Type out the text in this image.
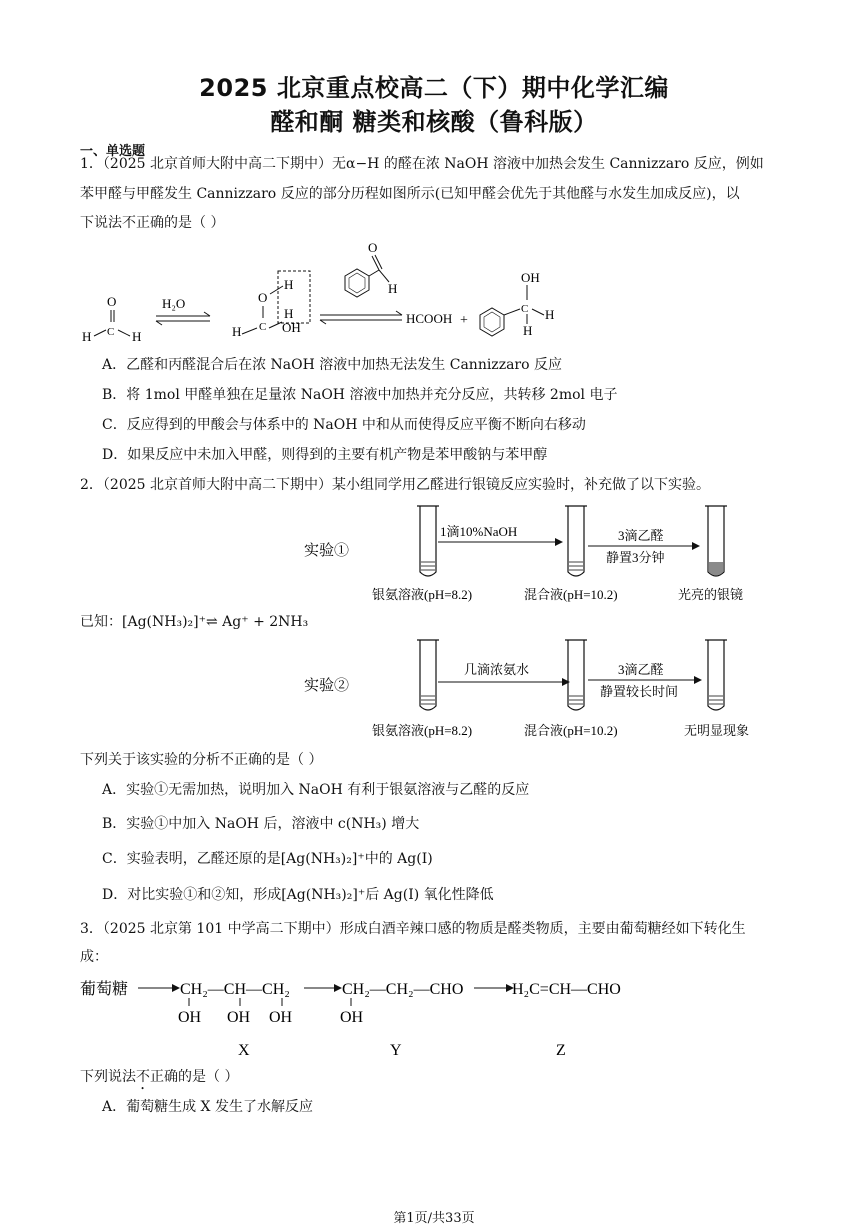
2025 北京重点校高二（下）期中化学汇编
醛和酮 糖类和核酸（鲁科版）
一、单选题
1．（2025 北京首师大附中高二下期中）无α−H 的醛在浓 NaOH 溶液中加热会发生 Cannizzaro 反应，例如
苯甲醛与甲醛发生 Cannizzaro 反应的部分历程如图所示(已知甲醛会优先于其他醛与水发生加成反应)，以
下说法不正确的是（ ）
O
C
H	H
H₂O	O
H
C
H
H
OH
O
H
HCOOH +
C
OH
H
H
A．乙醛和丙醛混合后在浓 NaOH 溶液中加热无法发生 Cannizzaro 反应
B．将 1mol 甲醛单独在足量浓 NaOH 溶液中加热并充分反应，共转移 2mol 电子
C．反应得到的甲酸会与体系中的 NaOH 中和从而使得反应平衡不断向右移动
D．如果反应中未加入甲醛，则得到的主要有机产物是苯甲酸钠与苯甲醇
2．（2025 北京首师大附中高二下期中）某小组同学用乙醛进行银镜反应实验时，补充做了以下实验。
实验①
1滴10%NaOH	3滴乙醛
静置3分钟
银氨溶液(pH=8.2)	混合液(pH=10.2)	光亮的银镜
已知：[Ag(NH₃)₂]⁺⇌ Ag⁺ + 2NH₃
实验②
几滴浓氨水	3滴乙醛
静置较长时间
银氨溶液(pH=8.2)	混合液(pH=10.2)	无明显现象
下列关于该实验的分析不正确的是（ ）
A．实验①无需加热，说明加入 NaOH 有利于银氨溶液与乙醛的反应
B．实验①中加入 NaOH 后，溶液中 c(NH₃) 增大
C．实验表明，乙醛还原的是[Ag(NH₃)₂]⁺中的 Ag(I)
D．对比实验①和②知，形成[Ag(NH₃)₂]⁺后 Ag(I) 氧化性降低
3．（2025 北京第 101 中学高二下期中）形成白酒辛辣口感的物质是醛类物质，主要由葡萄糖经如下转化生
成：
葡萄糖	CH₂—CH—CH₂
OH OH OH
CH₂—CH₂—CHO
OH
H₂C=CH—CHO
X	Y	Z
下列说法不正确的是（ ）
A．葡萄糖生成 X 发生了水解反应
第1页/共33页
